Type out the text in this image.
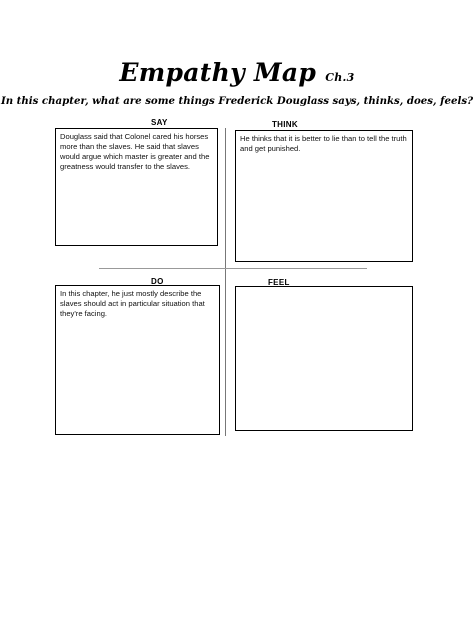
Empathy Map Ch.3
In this chapter, what are some things Frederick Douglass says, thinks, does, feels?
SAY
Douglass said that Colonel cared his horses more than the slaves. He said that slaves would argue which master is greater and the greatness would transfer to the slaves.
THINK
He thinks that it is better to lie than to tell the truth and get punished.
DO
In this chapter, he just mostly describe the slaves should act in particular situation that they're facing.
FEEL
